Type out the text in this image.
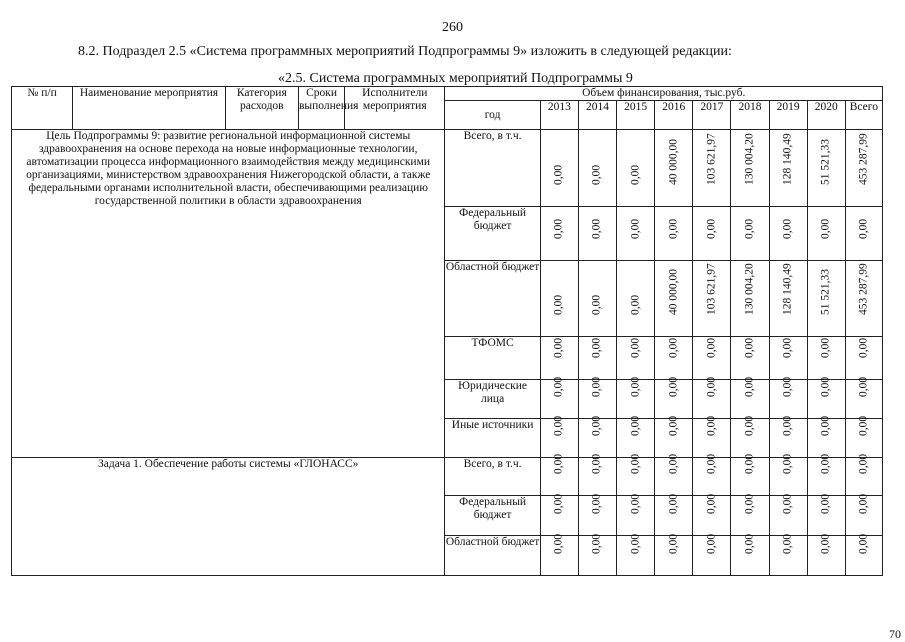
260
8.2. Подраздел 2.5 «Система программных мероприятий Подпрограммы 9» изложить в следующей редакции:
«2.5. Система программных мероприятий Подпрограммы 9
№ п/п	Наименование мероприятия	Категория расходов	Сроки выполнения	Исполнители мероприятия	Объем финансирования, тыс.руб.									
					год	2013	2014	2015	2016	2017	2018	2019	2020	Всего
Цель Подпрограммы 9: развитие региональной информационной системы здравоохранения на основе перехода на новые информационные технологии, автоматизации процесса информационного взаимодействия между медицинскими организациями, министерством здравоохранения Нижегородской области, а также федеральными органами исполнительной власти, обеспечивающими реализацию государственной политики в области здравоохранения					Всего, в т.ч.	0,00	0,00	0,00	40 000,00	103 621,97	130 004,20	128 140,49	51 521,33	453 287,99

					Федеральный бюджет	0,00	0,00	0,00	0,00	0,00	0,00	0,00	0,00	0,00

					Областной бюджет	0,00	0,00	0,00	40 000,00	103 621,97	130 004,20	128 140,49	51 521,33	453 287,99

					ТФОМС	0,00	0,00	0,00	0,00	0,00	0,00	0,00	0,00	0,00

					Юридические лица	0,00	0,00	0,00	0,00	0,00	0,00	0,00	0,00	0,00

					Иные источники	0,00	0,00	0,00	0,00	0,00	0,00	0,00	0,00	0,00

Задача 1. Обеспечение работы системы «ГЛОНАСС»					Всего, в т.ч.	0,00	0,00	0,00	0,00	0,00	0,00	0,00	0,00	0,00

					Федеральный бюджет	0,00	0,00	0,00	0,00	0,00	0,00	0,00	0,00	0,00

					Областной бюджет	0,00	0,00	0,00	0,00	0,00	0,00	0,00	0,00	0,00
70
